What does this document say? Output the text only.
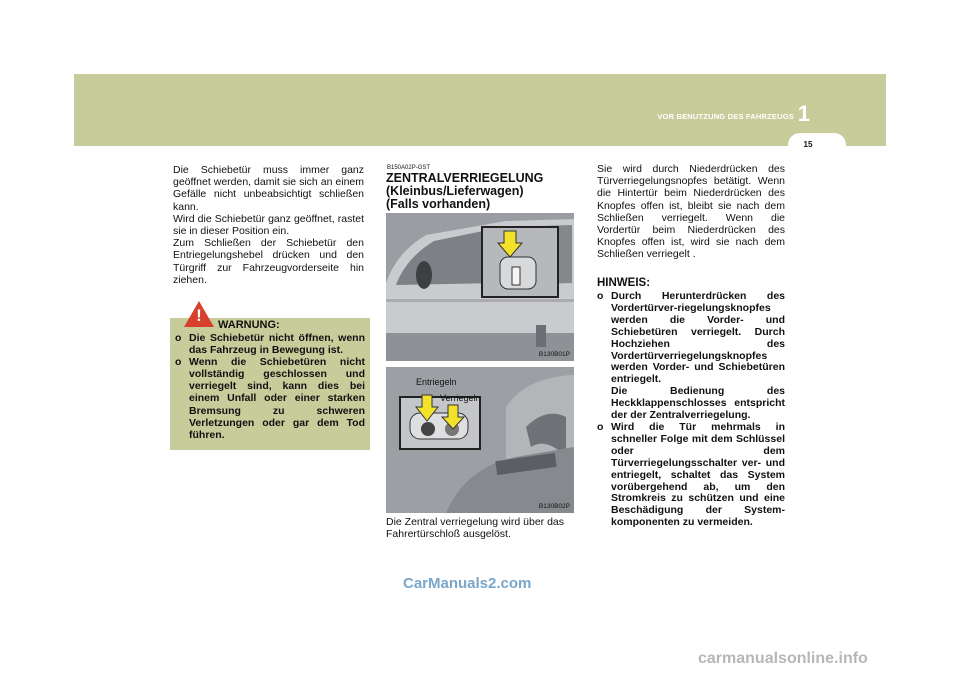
1
VOR BENUTZUNG DES FAHRZEUGS
15

Die Schiebetür muss immer ganz geöffnet werden, damit sie sich an einem Gefälle nicht unbeabsichtigt schließen kann.

Wird die Schiebetür ganz geöffnet, rastet sie in dieser Position ein.

Zum Schließen der Schiebetür den Entriegelungshebel drücken und den Türgriff zur Fahrzeugvorderseite hin ziehen.

! WARNUNG:
o Die Schiebetür nicht öffnen, wenn das Fahrzeug in Bewegung ist.
o Wenn die Schiebetüren nicht vollständig geschlossen und verriegelt sind, kann dies bei einem Unfall oder einer starken Bremsung zu schweren Verletzungen oder gar dem Tod führen.
B150A02P-GST
ZENTRALVERRIEGELUNG
(Kleinbus/Lieferwagen)
(Falls vorhanden)
B130B01P
Entriegeln
Verriegeln
B130B02P
Die Zentral verriegelung wird über das Fahrertürschloß ausgelöst.

Sie wird durch Niederdrücken des Türverriegelungsnopfes betätigt. Wenn die Hintertür beim Niederdrücken des Knopfes offen ist, bleibt sie nach dem Schließen verriegelt. Wenn die Vordertür beim Niederdrücken des Knopfes offen ist, wird sie nach dem Schließen verriegelt .

HINWEIS:
o Durch Herunterdrücken des Vordertürver-riegelungsknopfes werden die Vorder- und Schiebetüren verriegelt. Durch Hochziehen des Vordertürverriegelungsknopfes werden Vorder- und Schiebetüren entriegelt.
Die Bedienung des Heckklappenschlosses entspricht der der Zentralverriegelung.
o Wird die Tür mehrmals in schneller Folge mit dem Schlüssel oder dem Türverriegelungsschalter ver- und entriegelt, schaltet das System vorübergehend ab, um den Stromkreis zu schützen und eine Beschädigung der System-komponenten zu vermeiden.
CarManuals2.com
carmanualsonline.info
